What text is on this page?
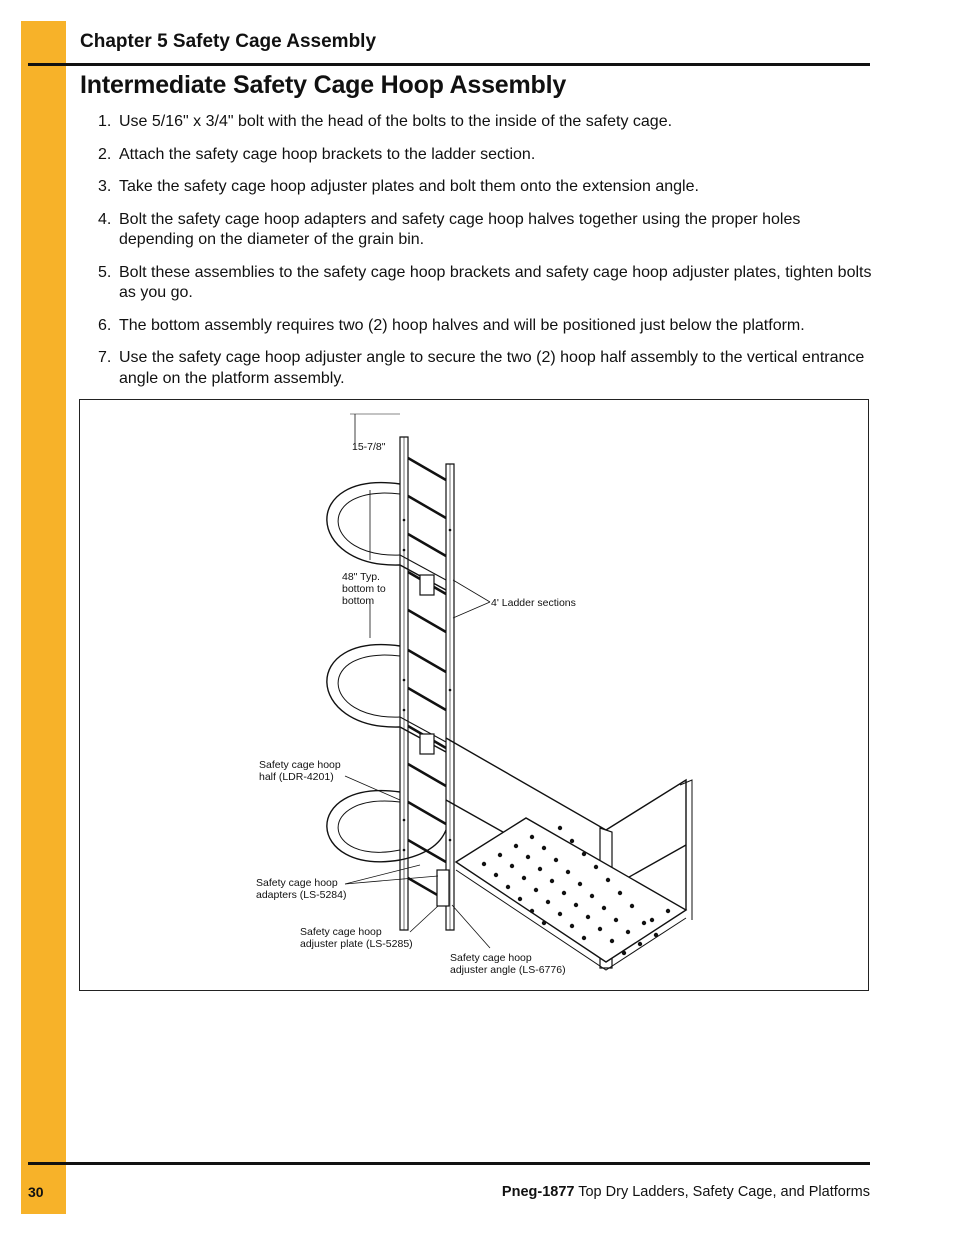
Chapter 5 Safety Cage Assembly
Intermediate Safety Cage Hoop Assembly
1. Use 5/16" x 3/4" bolt with the head of the bolts to the inside of the safety cage.
2. Attach the safety cage hoop brackets to the ladder section.
3. Take the safety cage hoop adjuster plates and bolt them onto the extension angle.
4. Bolt the safety cage hoop adapters and safety cage hoop halves together using the proper holes depending on the diameter of the grain bin.
5. Bolt these assemblies to the safety cage hoop brackets and safety cage hoop adjuster plates, tighten bolts as you go.
6. The bottom assembly requires two (2) hoop halves and will be positioned just below the platform.
7. Use the safety cage hoop adjuster angle to secure the two (2) hoop half assembly to the vertical entrance angle on the platform assembly.
15-7/8"
48" Typ.
bottom to
bottom	4' Ladder sections
Safety cage hoop
half (LDR-4201)
Safety cage hoop
adapters (LS-5284)
Safety cage hoop
adjuster plate (LS-5285)
Safety cage hoop
adjuster angle (LS-6776)
30	Pneg-1877 Top Dry Ladders, Safety Cage, and Platforms
